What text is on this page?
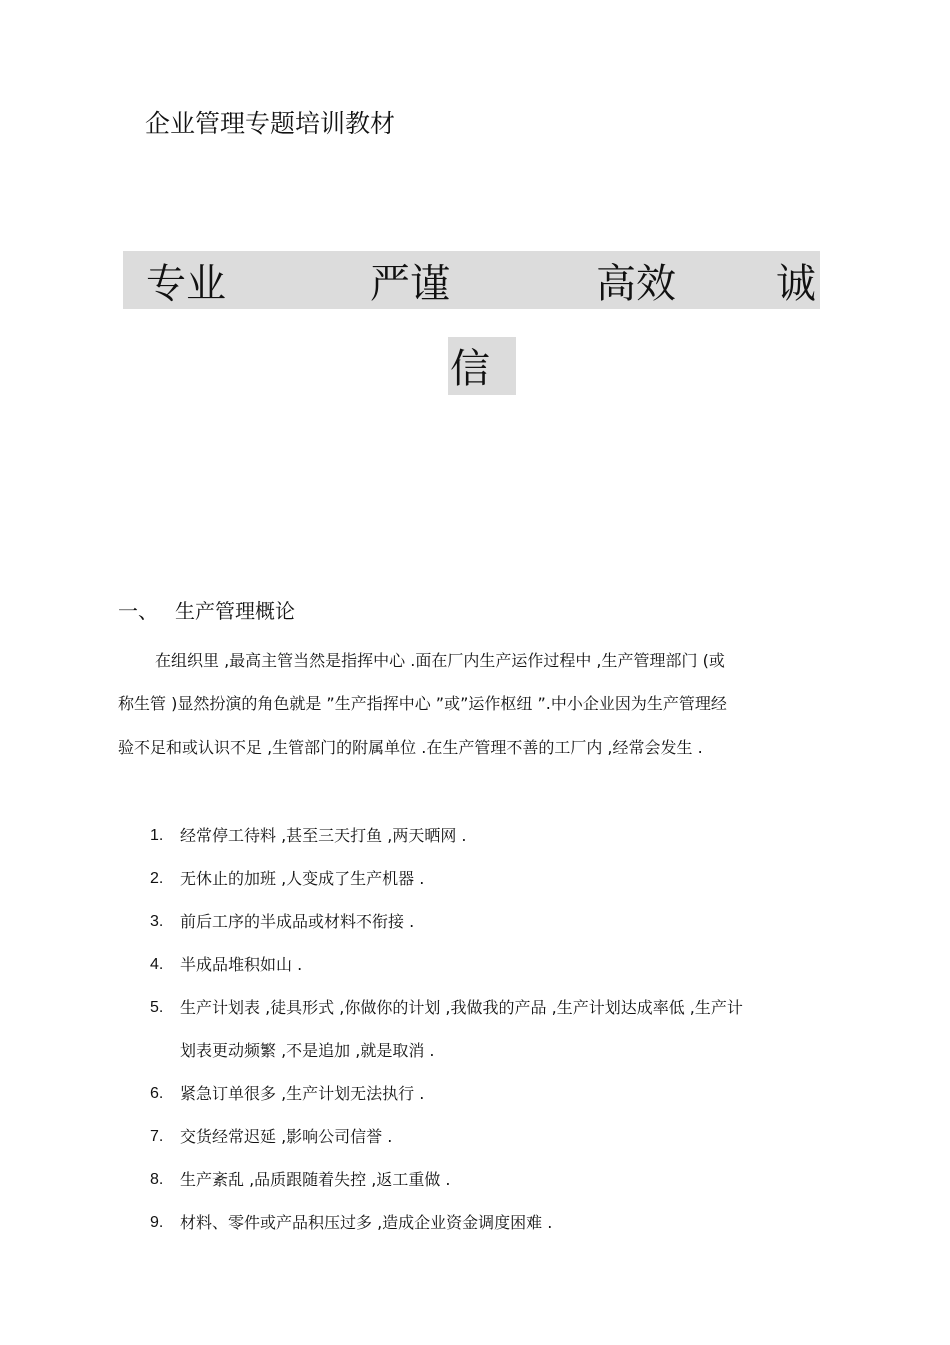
企业管理专题培训教材
专业	严谨	高效	诚
信
一、 生产管理概论
在组织里 ,最高主管当然是指挥中心 .面在厂内生产运作过程中 ,生产管理部门 (或
称生管 )显然扮演的角色就是 ”生产指挥中心 ”或”运作枢纽 ”.中小企业因为生产管理经
验不足和或认识不足 ,生管部门的附属单位 .在生产管理不善的工厂内 ,经常会发生 .
1. 经常停工待料 ,甚至三天打鱼 ,两天晒网 .
2. 无休止的加班 ,人变成了生产机器 .
3. 前后工序的半成品或材料不衔接 .
4. 半成品堆积如山 .
5. 生产计划表 ,徒具形式 ,你做你的计划 ,我做我的产品 ,生产计划达成率低 ,生产计
划表更动频繁 ,不是追加 ,就是取消 .
6. 紧急订单很多 ,生产计划无法执行 .
7. 交货经常迟延 ,影响公司信誉 .
8. 生产紊乱 ,品质跟随着失控 ,返工重做 .
9. 材料、零件或产品积压过多 ,造成企业资金调度困难 .
